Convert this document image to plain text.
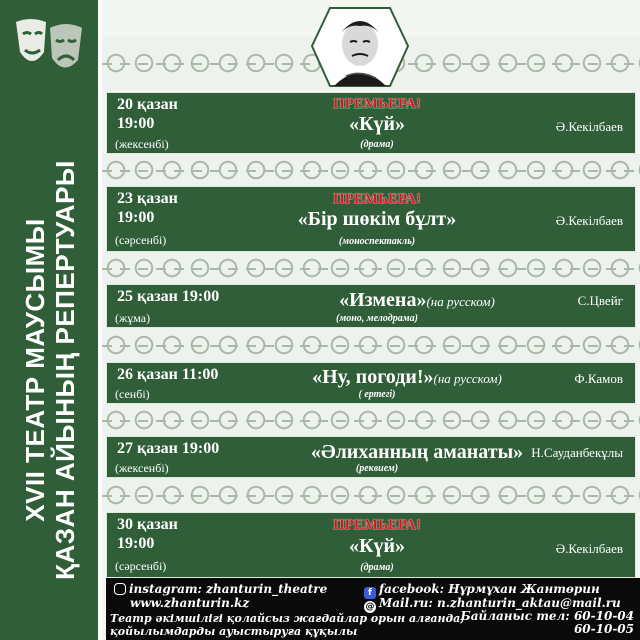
XVII ТЕАТР МАУСЫМЫ ҚАЗАН АЙЫНЫҢ РЕПЕРТУАРЫ
20 қазан
19:00
(жексенбі)
ПРЕМЬЕРА!
«Күй»
(драма)
Ә.Кекілбаев
23 қазан
19:00
(сәрсенбі)
ПРЕМЬЕРА!
«Бір шөкім бұлт»
(моноспектакль)
Ә.Кекілбаев
25 қазан 19:00
(жұма)
«Измена»(на русском)
(моно, мелодрама)
С.Цвейг
26 қазан 11:00
(сенбі)
«Ну, погоди!»(на русском)
( ертегі)
Ф.Камов
27 қазан 19:00
(жексенбі)
«Әлиханның аманаты»
(реквием)
Н.Сауданбекұлы
30 қазан
19:00
(сәрсенбі)
ПРЕМЬЕРА!
«Күй»
(драма)
Ә.Кекілбаев
instagram: zhanturin_theatre
www.zhanturin.kz
f facebook: Нұрмұхан Жантөрин
@ Mail.ru: n.zhanturin_aktau@mail.ru
Театр әкімшілігі қолайсыз жағдайлар орын алғанда,
қойылымдарды ауыстыруға құқылы
Байланыс тел: 60-10-04
60-10-05
